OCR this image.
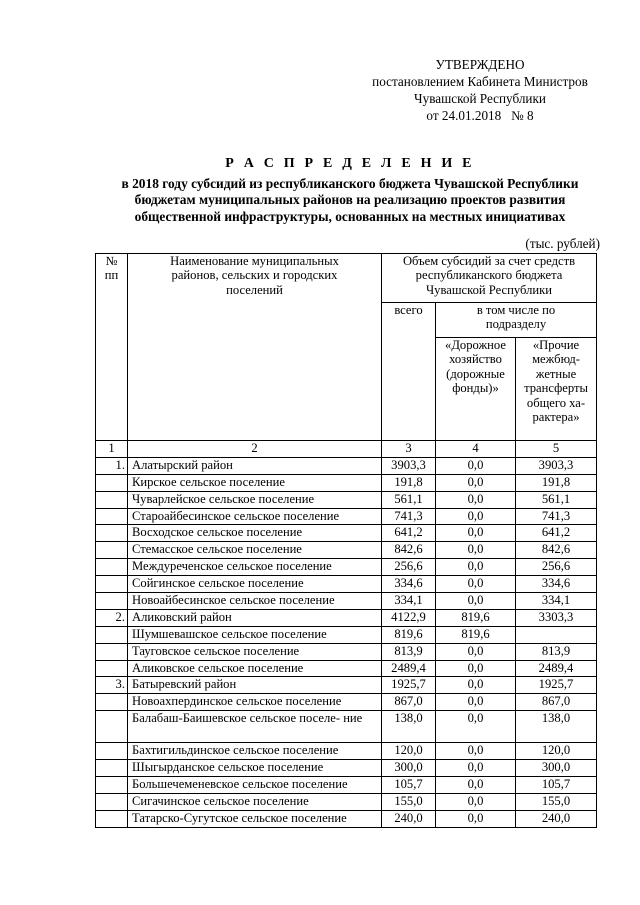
УТВЕРЖДЕНО
постановлением Кабинета Министров
Чувашской Республики
от 24.01.2018   № 8
Р А С П Р Е Д Е Л Е Н И Е
в 2018 году субсидий из республиканского бюджета Чувашской Республики
бюджетам муниципальных районов на реализацию проектов развития
общественной инфраструктуры, основанных на местных инициативах
(тыс. рублей)
№ пп	Наименование муниципальных районов, сельских и городских поселений	Объем субсидий за счет средств республиканского бюджета Чувашской Республики		
		всего	в том числе по подразделу	
			«Дорожное хозяйство (дорожные фонды)»	«Прочие межбюд- жетные трансферты общего ха- рактера»
1	2	3	4	5
1.	Алатырский район	3903,3	0,0	3903,3
	Кирское сельское поселение	191,8	0,0	191,8
	Чуварлейское сельское поселение	561,1	0,0	561,1
	Староайбесинское сельское поселение	741,3	0,0	741,3
	Восходское сельское поселение	641,2	0,0	641,2
	Стемасское сельское поселение	842,6	0,0	842,6
	Междуреченское сельское поселение	256,6	0,0	256,6
	Сойгинское сельское поселение	334,6	0,0	334,6
	Новоайбесинское сельское поселение	334,1	0,0	334,1
2.	Аликовский район	4122,9	819,6	3303,3
	Шумшевашское сельское поселение	819,6	819,6	
	Тауговское сельское поселение	813,9	0,0	813,9
	Аликовское сельское поселение	2489,4	0,0	2489,4
3.	Батыревский район	1925,7	0,0	1925,7
	Новоахпердинское сельское поселение	867,0	0,0	867,0
	Балабаш-Баишевское сельское поселе- ние	138,0	0,0	138,0
	Бахтигильдинское сельское поселение	120,0	0,0	120,0
	Шыгырданское сельское поселение	300,0	0,0	300,0
	Большечеменевское сельское поселение	105,7	0,0	105,7
	Сигачинское сельское поселение	155,0	0,0	155,0
	Татарско-Сугутское сельское поселение	240,0	0,0	240,0
